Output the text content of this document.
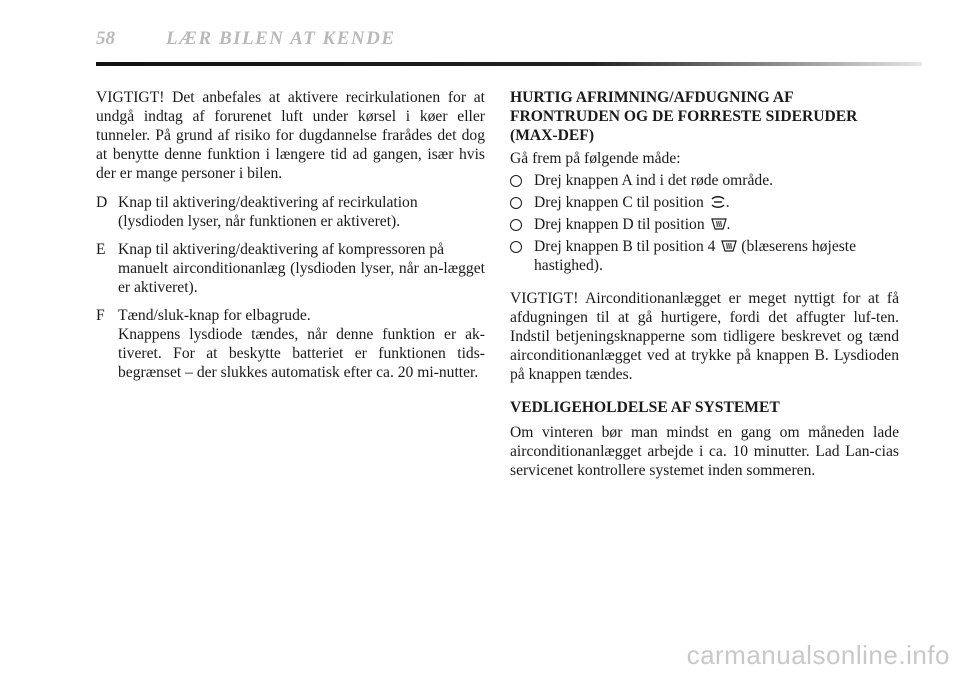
58	LÆR BILEN AT KENDE

VIGTIGT! Det anbefales at aktivere recirkulationen for at undgå indtag af forurenet luft under kørsel i køer eller tunneler. På grund af risiko for dugdannelse frarådes det dog at benytte denne funktion i længere tid ad gangen, især hvis der er mange personer i bilen.

D Knap til aktivering/deaktivering af recirkulation
(lysdioden lyser, når funktionen er aktiveret).
E Knap til aktivering/deaktivering af kompressoren på
manuelt airconditionanlæg (lysdioden lyser, når an-lægget er aktiveret).
F Tænd/sluk-knap for elbagrude.
Knappens lysdiode tændes, når denne funktion er ak-tiveret. For at beskytte batteriet er funktionen tids-begrænset – der slukkes automatisk efter ca. 20 mi-nutter.

HURTIG AFRIMNING/AFDUGNING AF FRONTRUDEN OG DE FORRESTE SIDERUDER (MAX-DEF)

Gå frem på følgende måde:

Drej knappen A ind i det røde område.
Drej knappen C til position .
Drej knappen D til position .
Drej knappen B til position 4 (blæserens højeste hastighed).

VIGTIGT! Airconditionanlægget er meget nyttigt for at få afdugningen til at gå hurtigere, fordi det affugter luf-ten. Indstil betjeningsknapperne som tidligere beskrevet og tænd airconditionanlægget ved at trykke på knappen B. Lysdioden på knappen tændes.

VEDLIGEHOLDELSE AF SYSTEMET

Om vinteren bør man mindst en gang om måneden lade airconditionanlægget arbejde i ca. 10 minutter. Lad Lan-cias servicenet kontrollere systemet inden sommeren.

carmanualsonline.info
